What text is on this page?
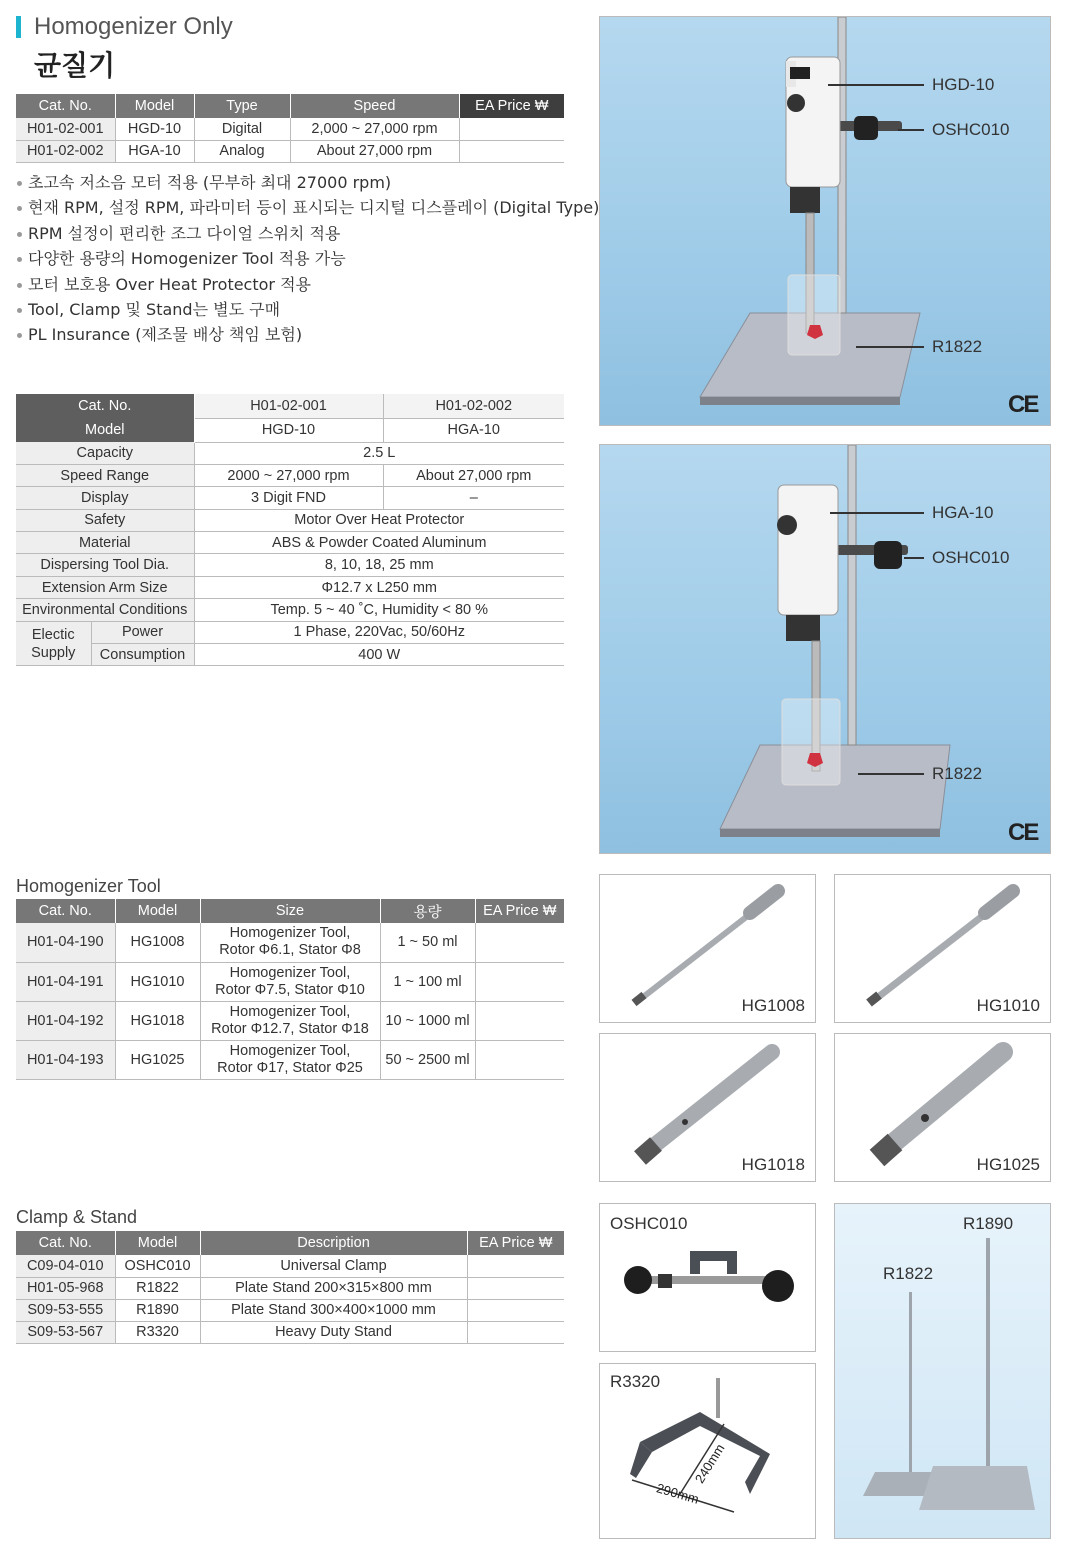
Homogenizer Only
균질기
Cat. No.	Model	Type	Speed	EA Price ₩
H01-02-001	HGD-10	Digital	2,000 ~ 27,000 rpm	
H01-02-002	HGA-10	Analog	About 27,000 rpm	
초고속 저소음 모터 적용 (무부하 최대 27000 rpm)
현재 RPM, 설정 RPM, 파라미터 등이 표시되는 디지털 디스플레이 (Digital Type)
RPM 설정이 편리한 조그 다이얼 스위치 적용
다양한 용량의 Homogenizer Tool 적용 가능
모터 보호용 Over Heat Protector 적용
Tool, Clamp 및 Stand는 별도 구매
PL Insurance (제조물 배상 책임 보험)
Cat. No.		H01-02-001	H01-02-002
Model		HGD-10	HGA-10
Capacity		2.5 L	
Speed Range		2000 ~ 27,000 rpm	About 27,000 rpm
Display		3 Digit FND	–
Safety		Motor Over Heat Protector	
Material		ABS & Powder Coated Aluminum	
Dispersing Tool Dia.		8, 10, 18, 25 mm	
Extension Arm Size		Φ12.7 x L250 mm	
Environmental Conditions		Temp. 5 ~ 40 ˚C, Humidity < 80 %	
Electic
Supply	Power	1 Phase, 220Vac, 50/60Hz	
	Consumption	400 W	
Homogenizer Tool
Cat. No.	Model	Size	용량	EA Price ₩
H01-04-190	HG1008	Homogenizer Tool,
Rotor Φ6.1, Stator Φ8	1 ~ 50 ml	
H01-04-191	HG1010	Homogenizer Tool,
Rotor Φ7.5, Stator Φ10	1 ~ 100 ml	
H01-04-192	HG1018	Homogenizer Tool,
Rotor Φ12.7, Stator Φ18	10 ~ 1000 ml	
H01-04-193	HG1025	Homogenizer Tool,
Rotor Φ17, Stator Φ25	50 ~ 2500 ml	
Clamp & Stand
Cat. No.	Model	Description	EA Price ₩
C09-04-010	OSHC010	Universal Clamp	
H01-05-968	R1822	Plate Stand 200×315×800 mm	
S09-53-555	R1890	Plate Stand 300×400×1000 mm	
S09-53-567	R3320	Heavy Duty Stand	
HGD-10
OSHC010
R1822
CE
HGA-10
OSHC010
R1822
CE
HG1008	HG1010
HG1018	HG1025
OSHC010	R1890
R1822
R3320
240mm
290mm
